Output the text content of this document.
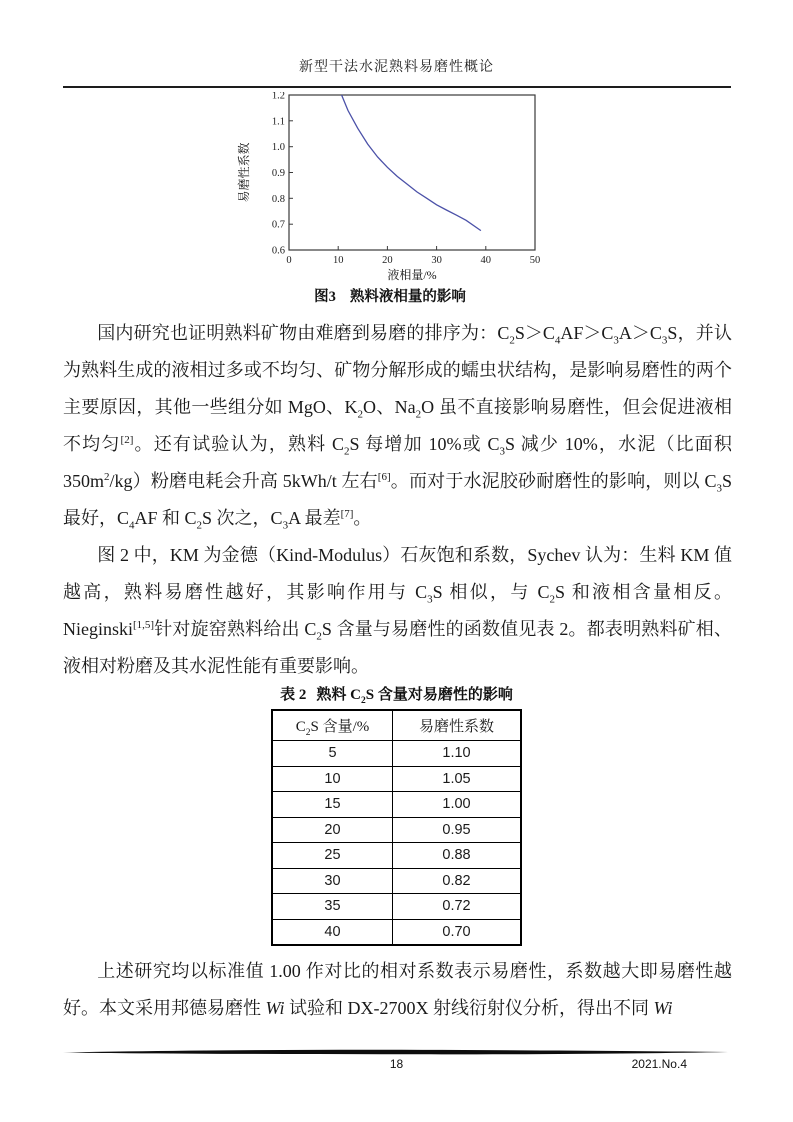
新型干法水泥熟料易磨性概论
0	10	20	30	40	50
0.6
0.7
0.8
0.9
1.0
1.1
1.2
液相量/%
易磨性系数
图3 熟料液相量的影响

国内研究也证明熟料矿物由难磨到易磨的排序为：$C_2S>C_4AF>C_3A>C_3S$，并认为熟料生成的液相过多或不均匀、矿物分解形成的蠕虫状结构，是影响易磨性的两个主要原因，其他一些组分如 MgO、$K_2O$、$Na_2O$ 虽不直接影响易磨性，但会促进液相不均匀[2]。还有试验认为，熟料 $C_2S$ 每增加 10%或 $C_3S$ 减少 10%，水泥（比面积 $350m^2/kg$）粉磨电耗会升高 5kWh/t 左右[6]。而对于水泥胶砂耐磨性的影响，则以 $C_3S$ 最好，$C_4AF$ 和 $C_2S$ 次之，$C_3A$ 最差[7]。

图 2 中，KM 为金德（Kind-Modulus）石灰饱和系数，Sychev 认为：生料 KM 值越高，熟料易磨性越好，其影响作用与 $C_3S$ 相似，与 $C_2S$ 和液相含量相反。Nieginski[1,5]针对旋窑熟料给出 $C_2S$ 含量与易磨性的函数值见表 2。都表明熟料矿相、液相对粉磨及其水泥性能有重要影响。

表 2 熟料 $C_2S$ 含量对易磨性的影响
$C_2S$ 含量/%	易磨性系数
5	1.10
10	1.05
15	1.00
20	0.95
25	0.88
30	0.82
35	0.72
40	0.70

上述研究均以标准值 1.00 作对比的相对系数表示易磨性，系数越大即易磨性越好。本文采用邦德易磨性 Wi 试验和 DX-2700X 射线衍射仪分析，得出不同 Wi

18	2021.No.4
